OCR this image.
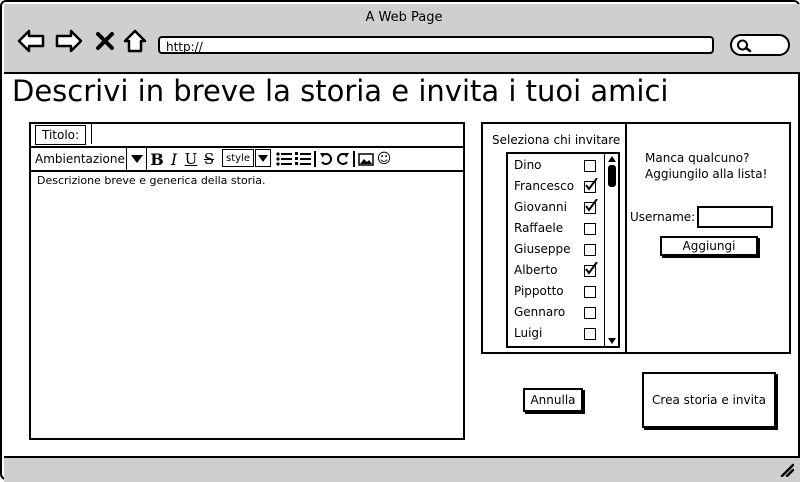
A Web Page
http://
Descrivi in breve la storia e invita i tuoi amici
Titolo:
Ambientazione B I U S	style	☺
Descrizione breve e generica della storia.
Seleziona chi invitare
Dino
Francesco
Giovanni
Raffaele
Giuseppe
Alberto
Pippotto
Gennaro
Luigi
Manca qualcuno?
Aggiungilo alla lista!
Username:
Aggiungi
Annulla	Crea storia e invita
